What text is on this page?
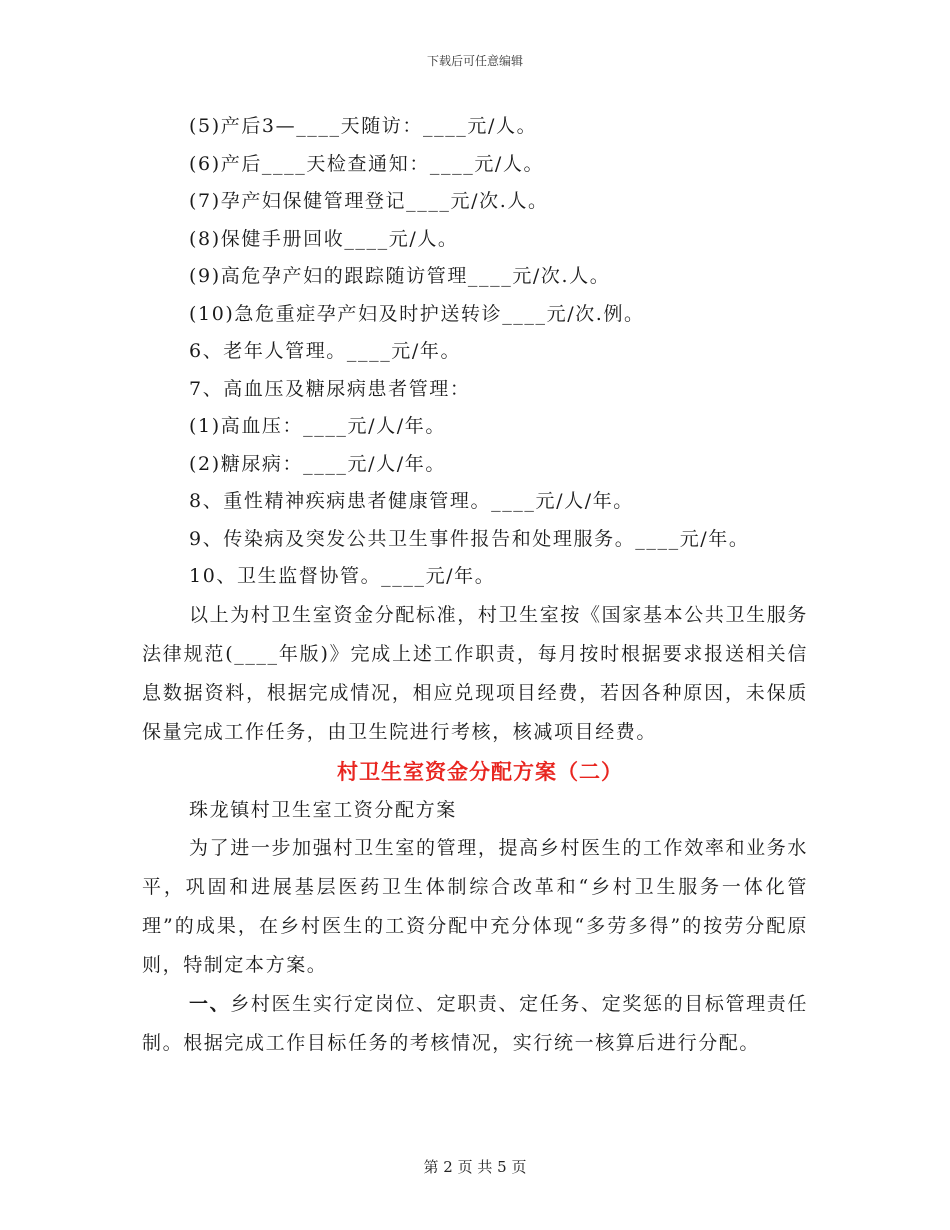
下载后可任意编辑
(5)产后3—____天随访：____元/人。
(6)产后____天检查通知：____元/人。
(7)孕产妇保健管理登记____元/次.人。
(8)保健手册回收____元/人。
(9)高危孕产妇的跟踪随访管理____元/次.人。
(10)急危重症孕产妇及时护送转诊____元/次.例。
6、老年人管理。____元/年。
7、高血压及糖尿病患者管理：
(1)高血压：____元/人/年。
(2)糖尿病：____元/人/年。
8、重性精神疾病患者健康管理。____元/人/年。
9、传染病及突发公共卫生事件报告和处理服务。____元/年。
10、卫生监督协管。____元/年。

以上为村卫生室资金分配标准，村卫生室按《国家基本公共卫生服务法律规范(____年版)》完成上述工作职责，每月按时根据要求报送相关信息数据资料，根据完成情况，相应兑现项目经费，若因各种原因，未保质保量完成工作任务，由卫生院进行考核，核减项目经费。

村卫生室资金分配方案（二）
珠龙镇村卫生室工资分配方案

为了进一步加强村卫生室的管理，提高乡村医生的工作效率和业务水平，巩固和进展基层医药卫生体制综合改革和“乡村卫生服务一体化管理”的成果，在乡村医生的工资分配中充分体现“多劳多得”的按劳分配原则，特制定本方案。

一、乡村医生实行定岗位、定职责、定任务、定奖惩的目标管理责任制。根据完成工作目标任务的考核情况，实行统一核算后进行分配。

第 2 页 共 5 页
